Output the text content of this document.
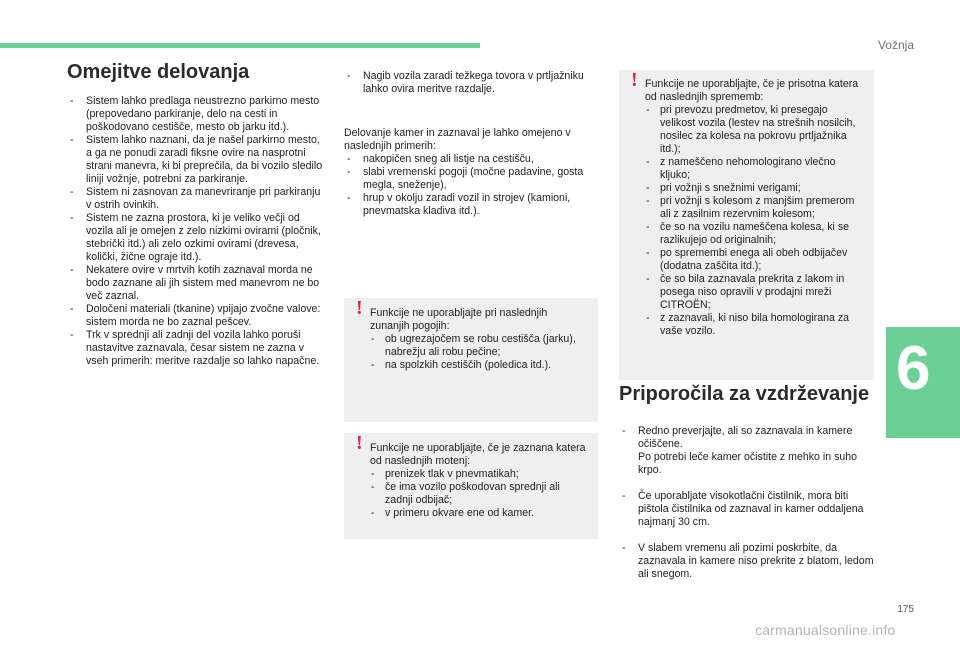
Vožnja
Omejitve delovanja
- Sistem lahko predlaga neustrezno parkirno mesto (prepovedano parkiranje, delo na cesti in poškodovano cestišče, mesto ob jarku itd.).
- Sistem lahko naznani, da je našel parkirno mesto, a ga ne ponudi zaradi fiksne ovire na nasprotni strani manevra, ki bi preprečila, da bi vozilo sledilo liniji vožnje, potrebni za parkiranje.
- Sistem ni zasnovan za manevriranje pri parkiranju v ostrih ovinkih.
- Sistem ne zazna prostora, ki je veliko večji od vozila ali je omejen z zelo nizkimi ovirami (pločnik, stebrički itd.) ali zelo ozkimi ovirami (drevesa, količki, žične ograje itd.).
- Nekatere ovire v mrtvih kotih zaznaval morda ne bodo zaznane ali jih sistem med manevrom ne bo več zaznal.
- Določeni materiali (tkanine) vpijajo zvočne valove: sistem morda ne bo zaznal pešcev.
- Trk v sprednji ali zadnji del vozila lahko poruši nastavitve zaznavala, česar sistem ne zazna v vseh primerih: meritve razdalje so lahko napačne.
- Nagib vozila zaradi težkega tovora v prtljažniku lahko ovira meritve razdalje.

Delovanje kamer in zaznaval je lahko omejeno v naslednjih primerih:

- nakopičen sneg ali listje na cestišču,
- slabi vremenski pogoji (močne padavine, gosta megla, sneženje),
- hrup v okolju zaradi vozil in strojev (kamioni, pnevmatska kladiva itd.).
! Funkcije ne uporabljajte pri naslednjih zunanjih pogojih:

- ob ugrezajočem se robu cestišča (jarku), nabrežju ali robu pečine;
- na spolzkih cestiščih (poledica itd.).
! Funkcije ne uporabljajte, če je zaznana katera od naslednjih motenj:

- prenizek tlak v pnevmatikah;
- če ima vozilo poškodovan sprednji ali zadnji odbijač;
- v primeru okvare ene od kamer.
! Funkcije ne uporabljajte, če je prisotna katera od naslednjih sprememb:

- pri prevozu predmetov, ki presegajo velikost vozila (lestev na strešnih nosilcih, nosilec za kolesa na pokrovu prtljažnika itd.);
- z nameščeno nehomologirano vlečno kljuko;
- pri vožnji s snežnimi verigami;
- pri vožnji s kolesom z manjšim premerom ali z zasilnim rezervnim kolesom;
- če so na vozilu nameščena kolesa, ki se razlikujejo od originalnih;
- po spremembi enega ali obeh odbijačev (dodatna zaščita itd.);
- če so bila zaznavala prekrita z lakom in posega niso opravili v prodajni mreži CITROËN;
- z zaznavali, ki niso bila homologirana za vaše vozilo.
Priporočila za vzdrževanje

- Redno preverjajte, ali so zaznavala in kamere očiščene.
Po potrebi leče kamer očistite z mehko in suho krpo.

- Če uporabljate visokotlačni čistilnik, mora biti pištola čistilnika od zaznaval in kamer oddaljena najmanj 30 cm.

- V slabem vremenu ali pozimi poskrbite, da zaznavala in kamere niso prekrite z blatom, ledom ali snegom.

6
175
carmanualsonline.info
